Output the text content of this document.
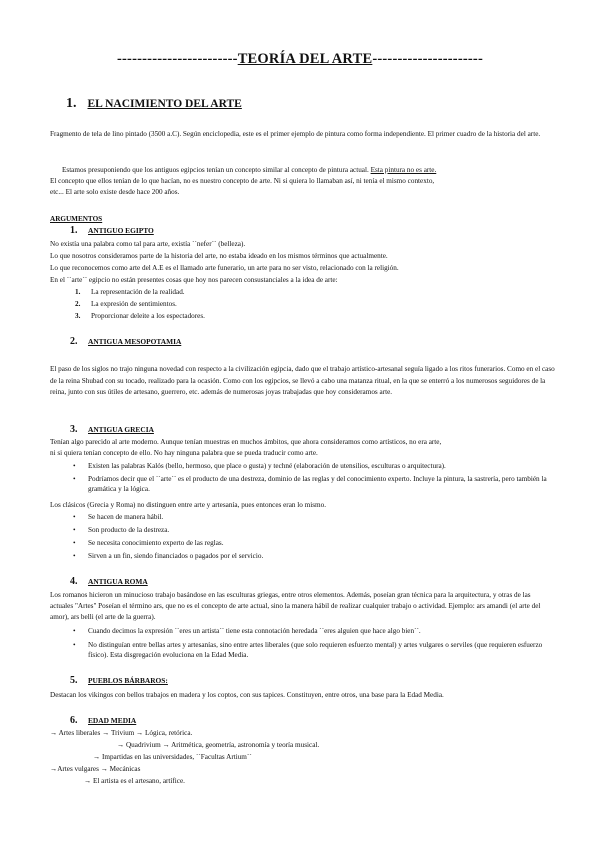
------------------------TEORÍA DEL ARTE----------------------
1. EL NACIMIENTO DEL ARTE
Fragmento de tela de lino pintado (3500 a.C). Según enciclopedia, este es el primer ejemplo de pintura como forma independiente. El primer cuadro de la historia del arte.
Estamos presuponiendo que los antiguos egipcios tenían un concepto similar al concepto de pintura actual. Esta pintura no es arte.
El concepto que ellos tenían de lo que hacían, no es nuestro concepto de arte. Ni si quiera lo llamaban así, ni tenía el mismo contexto,
etc... El arte solo existe desde hace 200 años.
ARGUMENTOS
1. ANTIGUO EGIPTO
No existía una palabra como tal para arte, existía ``nefer´´ (belleza).
Lo que nosotros consideramos parte de la historia del arte, no estaba ideado en los mismos términos que actualmente.
Lo que reconocemos como arte del A.E es el llamado arte funerario, un arte para no ser visto, relacionado con la religión.
En el ``arte´´ egipcio no están presentes cosas que hoy nos parecen consustanciales a la idea de arte:
1. La representación de la realidad.
2. La expresión de sentimientos.
3. Proporcionar deleite a los espectadores.
2. ANTIGUA MESOPOTAMIA
El paso de los siglos no trajo ninguna novedad con respecto a la civilización egipcia, dado que el trabajo artístico-artesanal seguía ligado a los ritos funerarios. Como en el caso de la reina Shubad con su tocado, realizado para la ocasión. Como con los egipcios, se llevó a cabo una matanza ritual, en la que se enterró a los numerosos seguidores de la reina, junto con sus útiles de artesano, guerrero, etc. además de numerosas joyas trabajadas que hoy consideramos arte.
3. ANTIGUA GRECIA
Tenían algo parecido al arte moderno. Aunque tenían muestras en muchos ámbitos, que ahora consideramos como artísticos, no era arte,
ni si quiera tenían concepto de ello. No hay ninguna palabra que se pueda traducir como arte.
• Existen las palabras Kalós (bello, hermoso, que place o gusta) y techné (elaboración de utensilios, esculturas o arquitectura).
• Podríamos decir que el ``arte´´ es el producto de una destreza, dominio de las reglas y del conocimiento experto. Incluye la pintura, la sastrería, pero también la gramática y la lógica.
Los clásicos (Grecia y Roma) no distinguen entre arte y artesanía, pues entonces eran lo mismo.
• Se hacen de manera hábil.
• Son producto de la destreza.
• Se necesita conocimiento experto de las reglas.
• Sirven a un fin, siendo financiados o pagados por el servicio.
4. ANTIGUA ROMA
Los romanos hicieron un minucioso trabajo basándose en las esculturas griegas, entre otros elementos. Además, poseían gran técnica para la arquitectura, y otras de las actuales "Artes" Poseían el término ars, que no es el concepto de arte actual, sino la manera hábil de realizar cualquier trabajo o actividad. Ejemplo: ars amandi (el arte del amor), ars belli (el arte de la guerra).
• Cuando decimos la expresión ``eres un artista´´ tiene esta connotación heredada ``eres alguien que hace algo bien´´.
• No distinguían entre bellas artes y artesanías, sino entre artes liberales (que solo requieren esfuerzo mental) y artes vulgares o serviles (que requieren esfuerzo físico). Esta disgregación evoluciona en la Edad Media.
5. PUEBLOS BÁRBAROS:
Destacan los vikingos con bellos trabajos en madera y los coptos, con sus tapices. Constituyen, entre otros, una base para la Edad Media.
6. EDAD MEDIA
→ Artes liberales → Trivium → Lógica, retórica.
→ Quadrivium → Aritmética, geometría, astronomía y teoría musical.
→ Impartidas en las universidades, ``Facultas Artium´´
→Artes vulgares → Mecánicas
→ El artista es el artesano, artífice.
